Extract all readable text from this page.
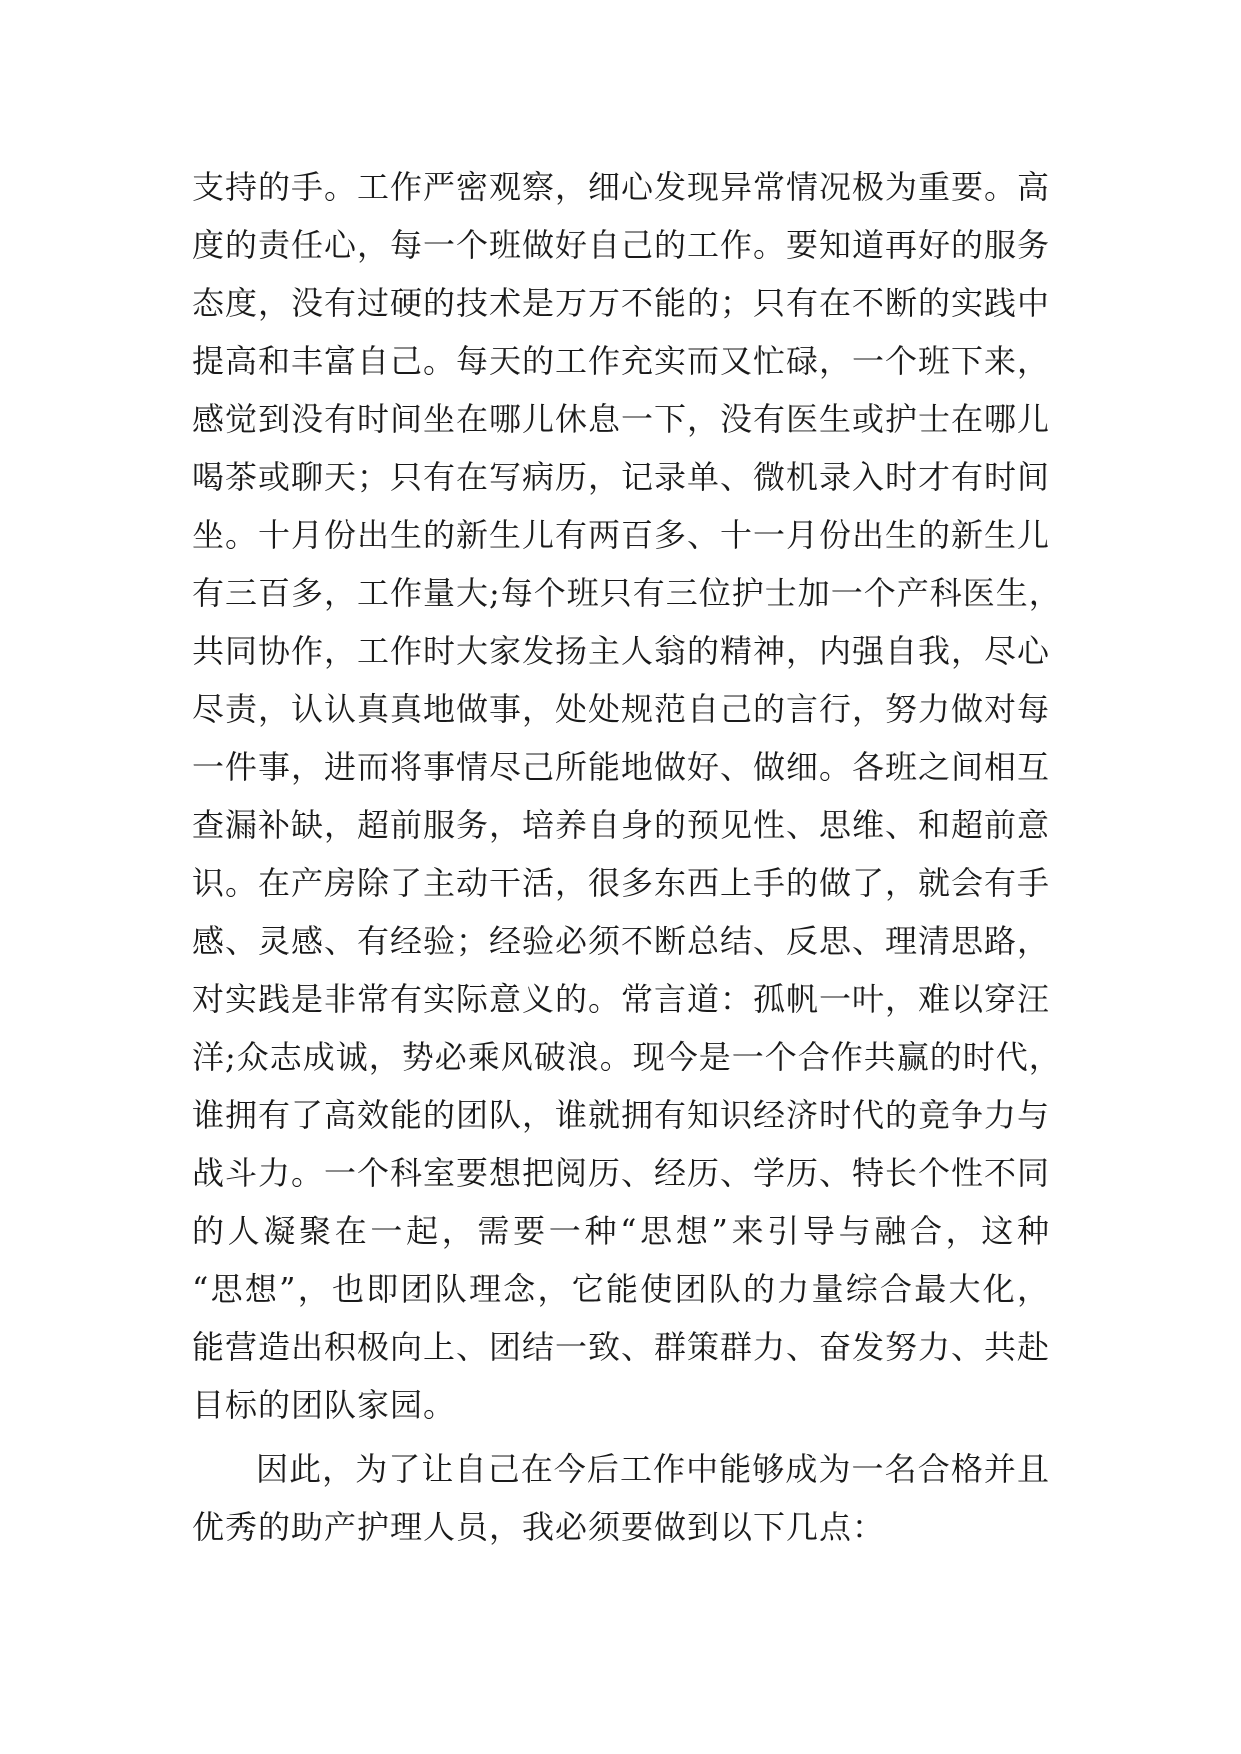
支持的手。工作严密观察，细心发现异常情况极为重要。高
度的责任心，每一个班做好自己的工作。要知道再好的服务
态度，没有过硬的技术是万万不能的；只有在不断的实践中
提高和丰富自己。每天的工作充实而又忙碌，一个班下来，
感觉到没有时间坐在哪儿休息一下，没有医生或护士在哪儿
喝茶或聊天；只有在写病历，记录单、微机录入时才有时间
坐。十月份出生的新生儿有两百多、十一月份出生的新生儿
有三百多，工作量大;每个班只有三位护士加一个产科医生，
共同协作，工作时大家发扬主人翁的精神，内强自我，尽心
尽责，认认真真地做事，处处规范自己的言行，努力做对每
一件事，进而将事情尽己所能地做好、做细。各班之间相互
查漏补缺，超前服务，培养自身的预见性、思维、和超前意
识。在产房除了主动干活，很多东西上手的做了，就会有手
感、灵感、有经验；经验必须不断总结、反思、理清思路，
对实践是非常有实际意义的。常言道：孤帆一叶，难以穿汪
洋;众志成诚，势必乘风破浪。现今是一个合作共赢的时代，
谁拥有了高效能的团队，谁就拥有知识经济时代的竟争力与
战斗力。一个科室要想把阅历、经历、学历、特长个性不同
的人凝聚在一起，需要一种“思想”来引导与融合，这种
“思想”，也即团队理念，它能使团队的力量综合最大化，
能营造出积极向上、团结一致、群策群力、奋发努力、共赴
目标的团队家园。
因此，为了让自己在今后工作中能够成为一名合格并且
优秀的助产护理人员，我必须要做到以下几点：
